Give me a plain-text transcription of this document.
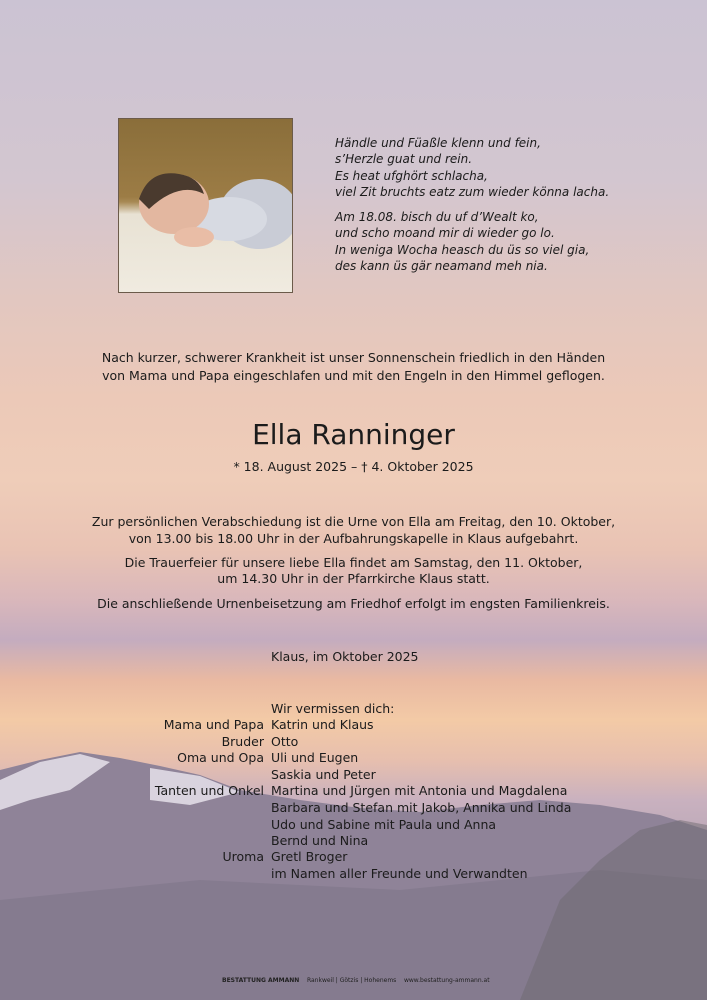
Händle und Füaßle klenn und fein,
s’Herzle guat und rein.
Es heat ufghört schlacha,
viel Zit bruchts eatz zum wieder könna lacha.
Am 18.08. bisch du uf d’Wealt ko,
und scho moand mir di wieder go lo.
In weniga Wocha heasch du üs so viel gia,
des kann üs gär neamand meh nia.
Nach kurzer, schwerer Krankheit ist unser Sonnenschein friedlich in den Händen
von Mama und Papa eingeschlafen und mit den Engeln in den Himmel geflogen.
Ella Ranninger
* 18. August 2025 – † 4. Oktober 2025
Zur persönlichen Verabschiedung ist die Urne von Ella am Freitag, den 10. Oktober,
von 13.00 bis 18.00 Uhr in der Aufbahrungskapelle in Klaus aufgebahrt.
Die Trauerfeier für unsere liebe Ella findet am Samstag, den 11. Oktober,
um 14.30 Uhr in der Pfarrkirche Klaus statt.
Die anschließende Urnenbeisetzung am Friedhof erfolgt im engsten Familienkreis.
Klaus, im Oktober 2025
Wir vermissen dich:
Mama und Papa Katrin und Klaus
Bruder Otto
Oma und Opa Uli und Eugen
Saskia und Peter
Tanten und Onkel Martina und Jürgen mit Antonia und Magdalena
Barbara und Stefan mit Jakob, Annika und Linda
Udo und Sabine mit Paula und Anna
Bernd und Nina
Uroma Gretl Broger
im Namen aller Freunde und Verwandten
BESTATTUNG AMMANN Rankweil | Götzis | Hohenems www.bestattung-ammann.at
